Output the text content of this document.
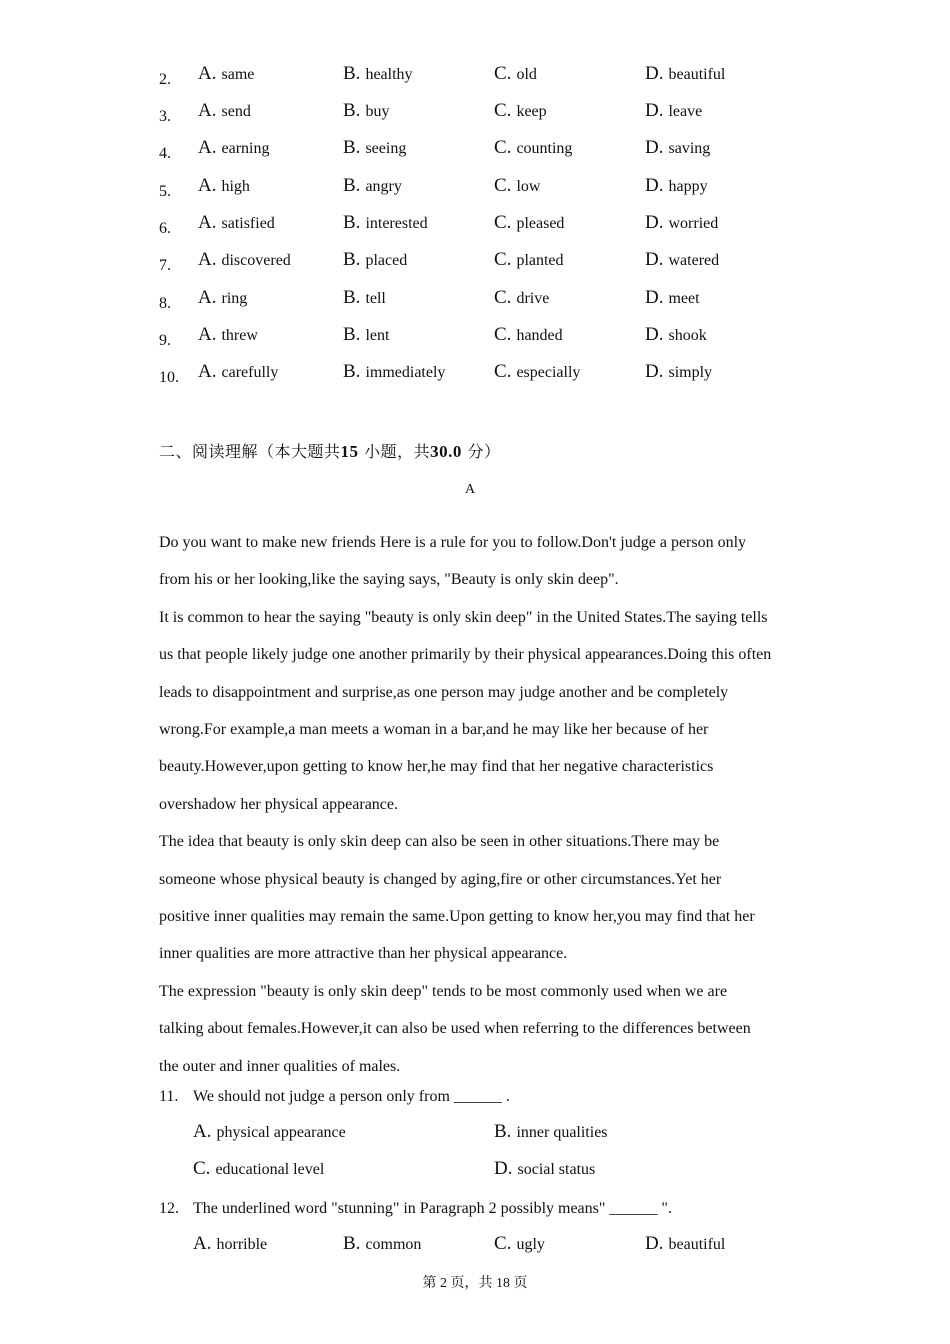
2. A. same	B. healthy	C. old	D. beautiful
3. A. send	B. buy	C. keep	D. leave
4. A. earning	B. seeing	C. counting	D. saving
5. A. high	B. angry	C. low	D. happy
6. A. satisfied	B. interested	C. pleased	D. worried
7. A. discovered	B. placed	C. planted	D. watered
8. A. ring	B. tell	C. drive	D. meet
9. A. threw	B. lent	C. handed	D. shook
10. A. carefully	B. immediately	C. especially	D. simply
二、阅读理解（本大题共15 小题，共30.0 分）
A

Do you want to make new friends Here is a rule for you to follow.Don't judge a person only

from his or her looking,like the saying says, "Beauty is only skin deep".

It is common to hear the saying "beauty is only skin deep" in the United States.The saying tells

us that people likely judge one another primarily by their physical appearances.Doing this often

leads to disappointment and surprise,as one person may judge another and be completely

wrong.For example,a man meets a woman in a bar,and he may like her because of her

beauty.However,upon getting to know her,he may find that her negative characteristics

overshadow her physical appearance.

The idea that beauty is only skin deep can also be seen in other situations.There may be

someone whose physical beauty is changed by aging,fire or other circumstances.Yet her

positive inner qualities may remain the same.Upon getting to know her,you may find that her

inner qualities are more attractive than her physical appearance.

The expression "beauty is only skin deep" tends to be most commonly used when we are

talking about females.However,it can also be used when referring to the differences between

the outer and inner qualities of males.

11. We should not judge a person only from ______ .
A. physical appearance	B. inner qualities
C. educational level	D. social status
12. The underlined word "stunning" in Paragraph 2 possibly means" ______ ".
A. horrible	B. common	C. ugly	D. beautiful
第 2 页，共 18 页
